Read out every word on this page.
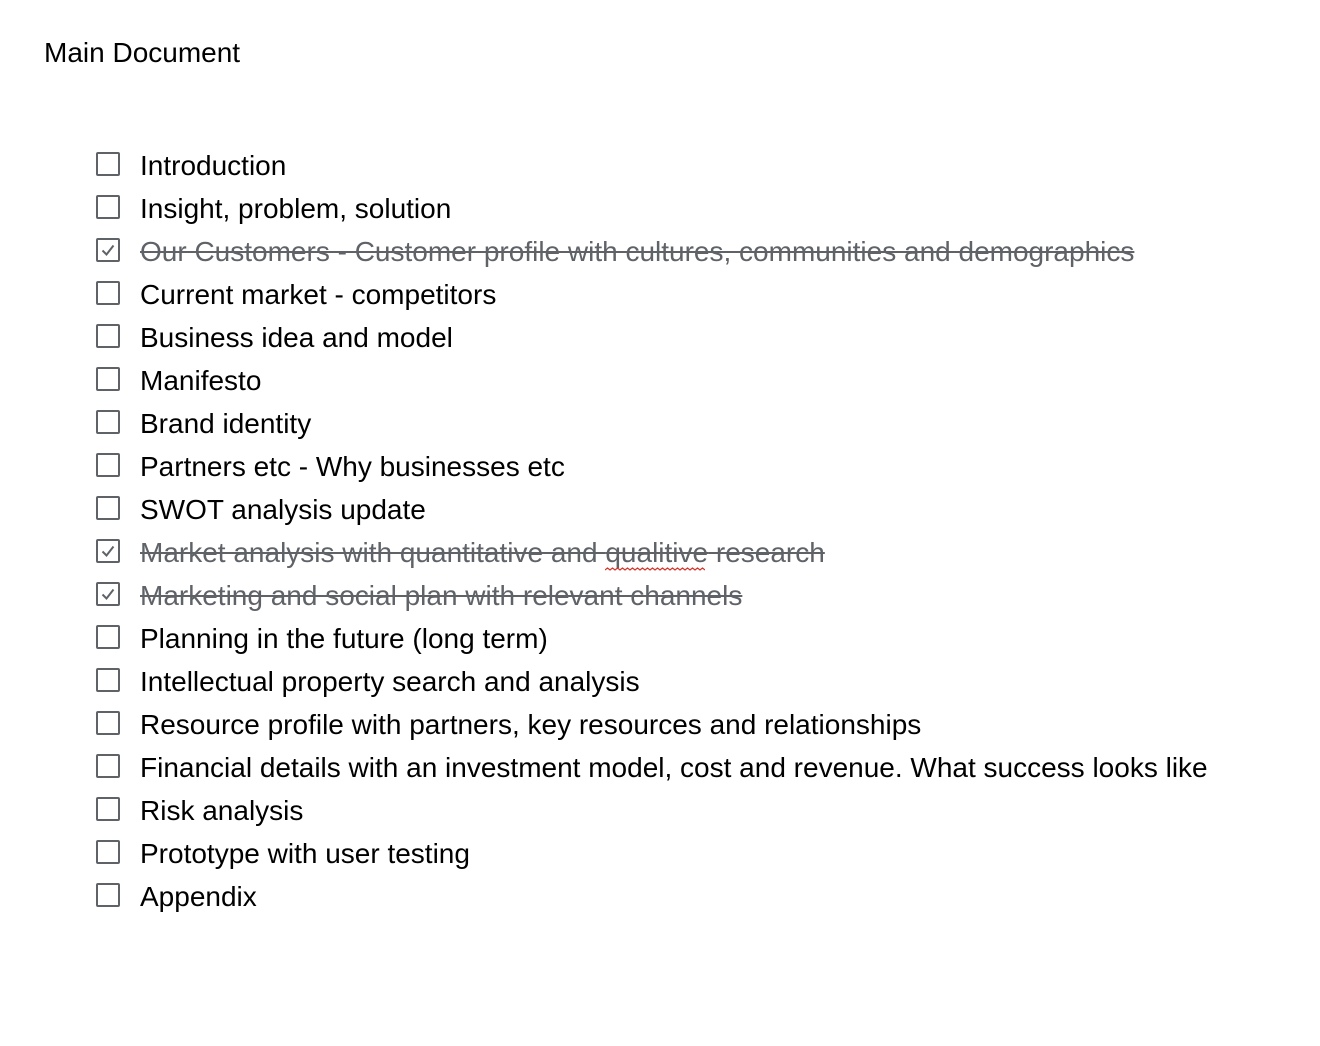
Main Document
Introduction
Insight, problem, solution
Our Customers - Customer profile with cultures, communities and demographics
Current market - competitors
Business idea and model
Manifesto
Brand identity
Partners etc - Why businesses etc
SWOT analysis update
Market analysis with quantitative and qualitive
research
Marketing and social plan with relevant channels
Planning in the future (long term)
Intellectual property search and analysis
Resource profile with partners, key resources and relationships
Financial details with an investment model, cost and revenue. What success looks like
Risk analysis
Prototype with user testing
Appendix
